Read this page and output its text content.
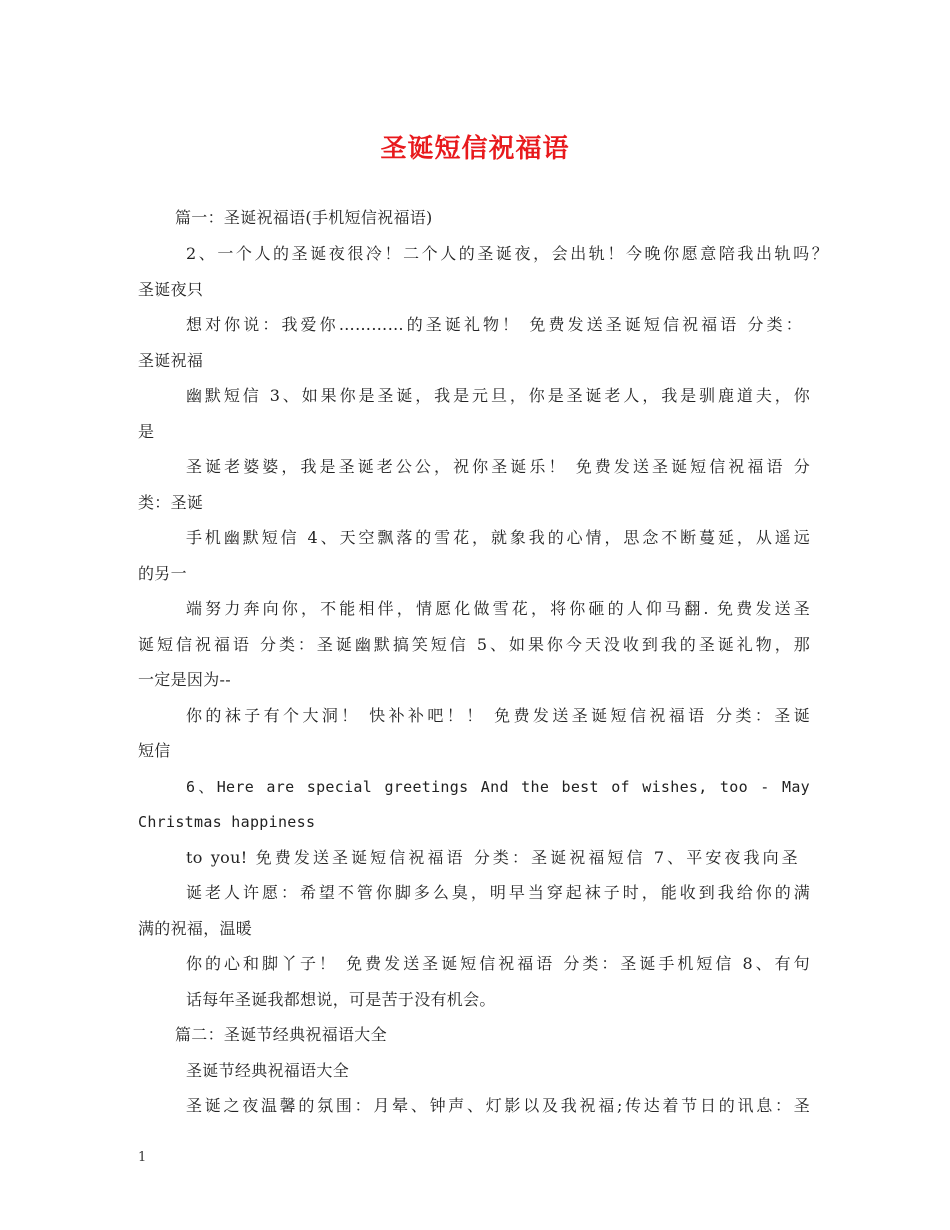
圣诞短信祝福语
篇一：圣诞祝福语(手机短信祝福语)
2、一个人的圣诞夜很冷！二个人的圣诞夜，会出轨！今晚你愿意陪我出轨吗？
圣诞夜只
想对你说：我爱你…………的圣诞礼物！ 免费发送圣诞短信祝福语 分类：
圣诞祝福
幽默短信 3、如果你是圣诞，我是元旦，你是圣诞老人，我是驯鹿道夫，你
是
圣诞老婆婆，我是圣诞老公公，祝你圣诞乐！ 免费发送圣诞短信祝福语 分
类：圣诞
手机幽默短信 4、天空飘落的雪花，就象我的心情，思念不断蔓延，从遥远
的另一
端努力奔向你，不能相伴，情愿化做雪花，将你砸的人仰马翻. 免费发送圣
诞短信祝福语 分类：圣诞幽默搞笑短信 5、如果你今天没收到我的圣诞礼物，那
一定是因为--
你的袜子有个大洞！ 快补补吧！！ 免费发送圣诞短信祝福语 分类：圣诞
短信
6、Here are special greetings And the best of wishes, too - May
Christmas happiness
to you! 免费发送圣诞短信祝福语 分类：圣诞祝福短信 7、平安夜我向圣
诞老人许愿：希望不管你脚多么臭，明早当穿起袜子时，能收到我给你的满
满的祝福，温暖
你的心和脚丫子！ 免费发送圣诞短信祝福语 分类：圣诞手机短信 8、有句
话每年圣诞我都想说，可是苦于没有机会。
篇二：圣诞节经典祝福语大全
圣诞节经典祝福语大全
圣诞之夜温馨的氛围：月晕、钟声、灯影以及我祝福;传达着节日的讯息：圣
1
